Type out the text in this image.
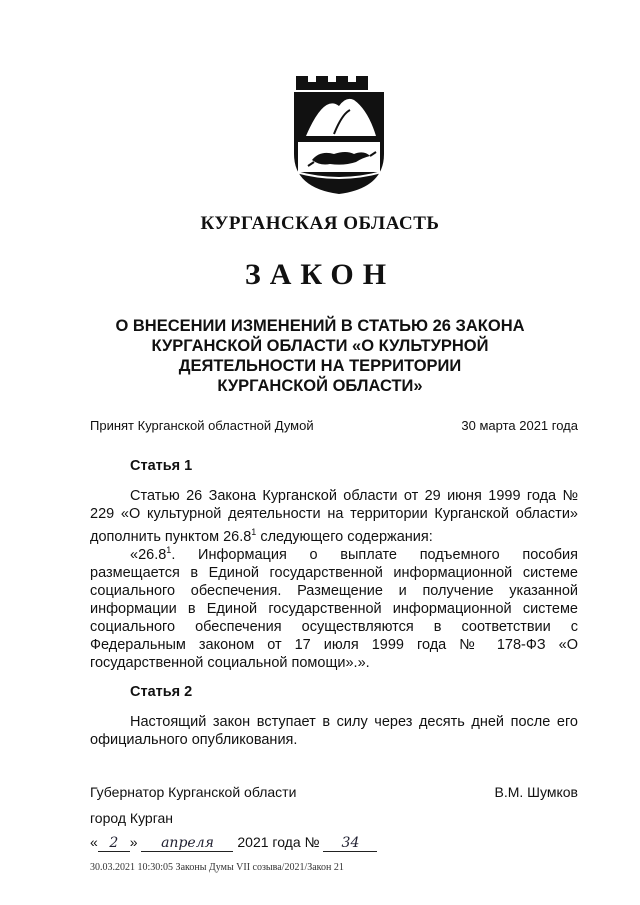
КУРГАНСКАЯ ОБЛАСТЬ
ЗАКОН
О ВНЕСЕНИИ ИЗМЕНЕНИЙ В СТАТЬЮ 26 ЗАКОНА
КУРГАНСКОЙ ОБЛАСТИ «О КУЛЬТУРНОЙ
ДЕЯТЕЛЬНОСТИ НА ТЕРРИТОРИИ
КУРГАНСКОЙ ОБЛАСТИ»
Принят Курганской областной Думой	30 марта 2021 года
Статья 1
Статью 26 Закона Курганской области от 29 июня 1999 года № 229 «О культурной деятельности на территории Курганской области» дополнить пунктом 26.8$^1$ следующего содержания:
«26.8$^1$. Информация о выплате подъемного пособия размещается в Единой государственной информационной системе социального обеспечения. Размещение и получение указанной информации в Единой государственной информационной системе социального обеспечения осуществляются в соответствии с Федеральным законом от 17 июля 1999 года № 178-ФЗ «О государственной социальной помощи».».
Статья 2
Настоящий закон вступает в силу через десять дней после его официального опубликования.
Губернатор Курганской области	В.М. Шумков
город Курган
« 2 » апреля 2021 года № 34
30.03.2021 10:30:05 Законы Думы VII созыва/2021/Закон 21
